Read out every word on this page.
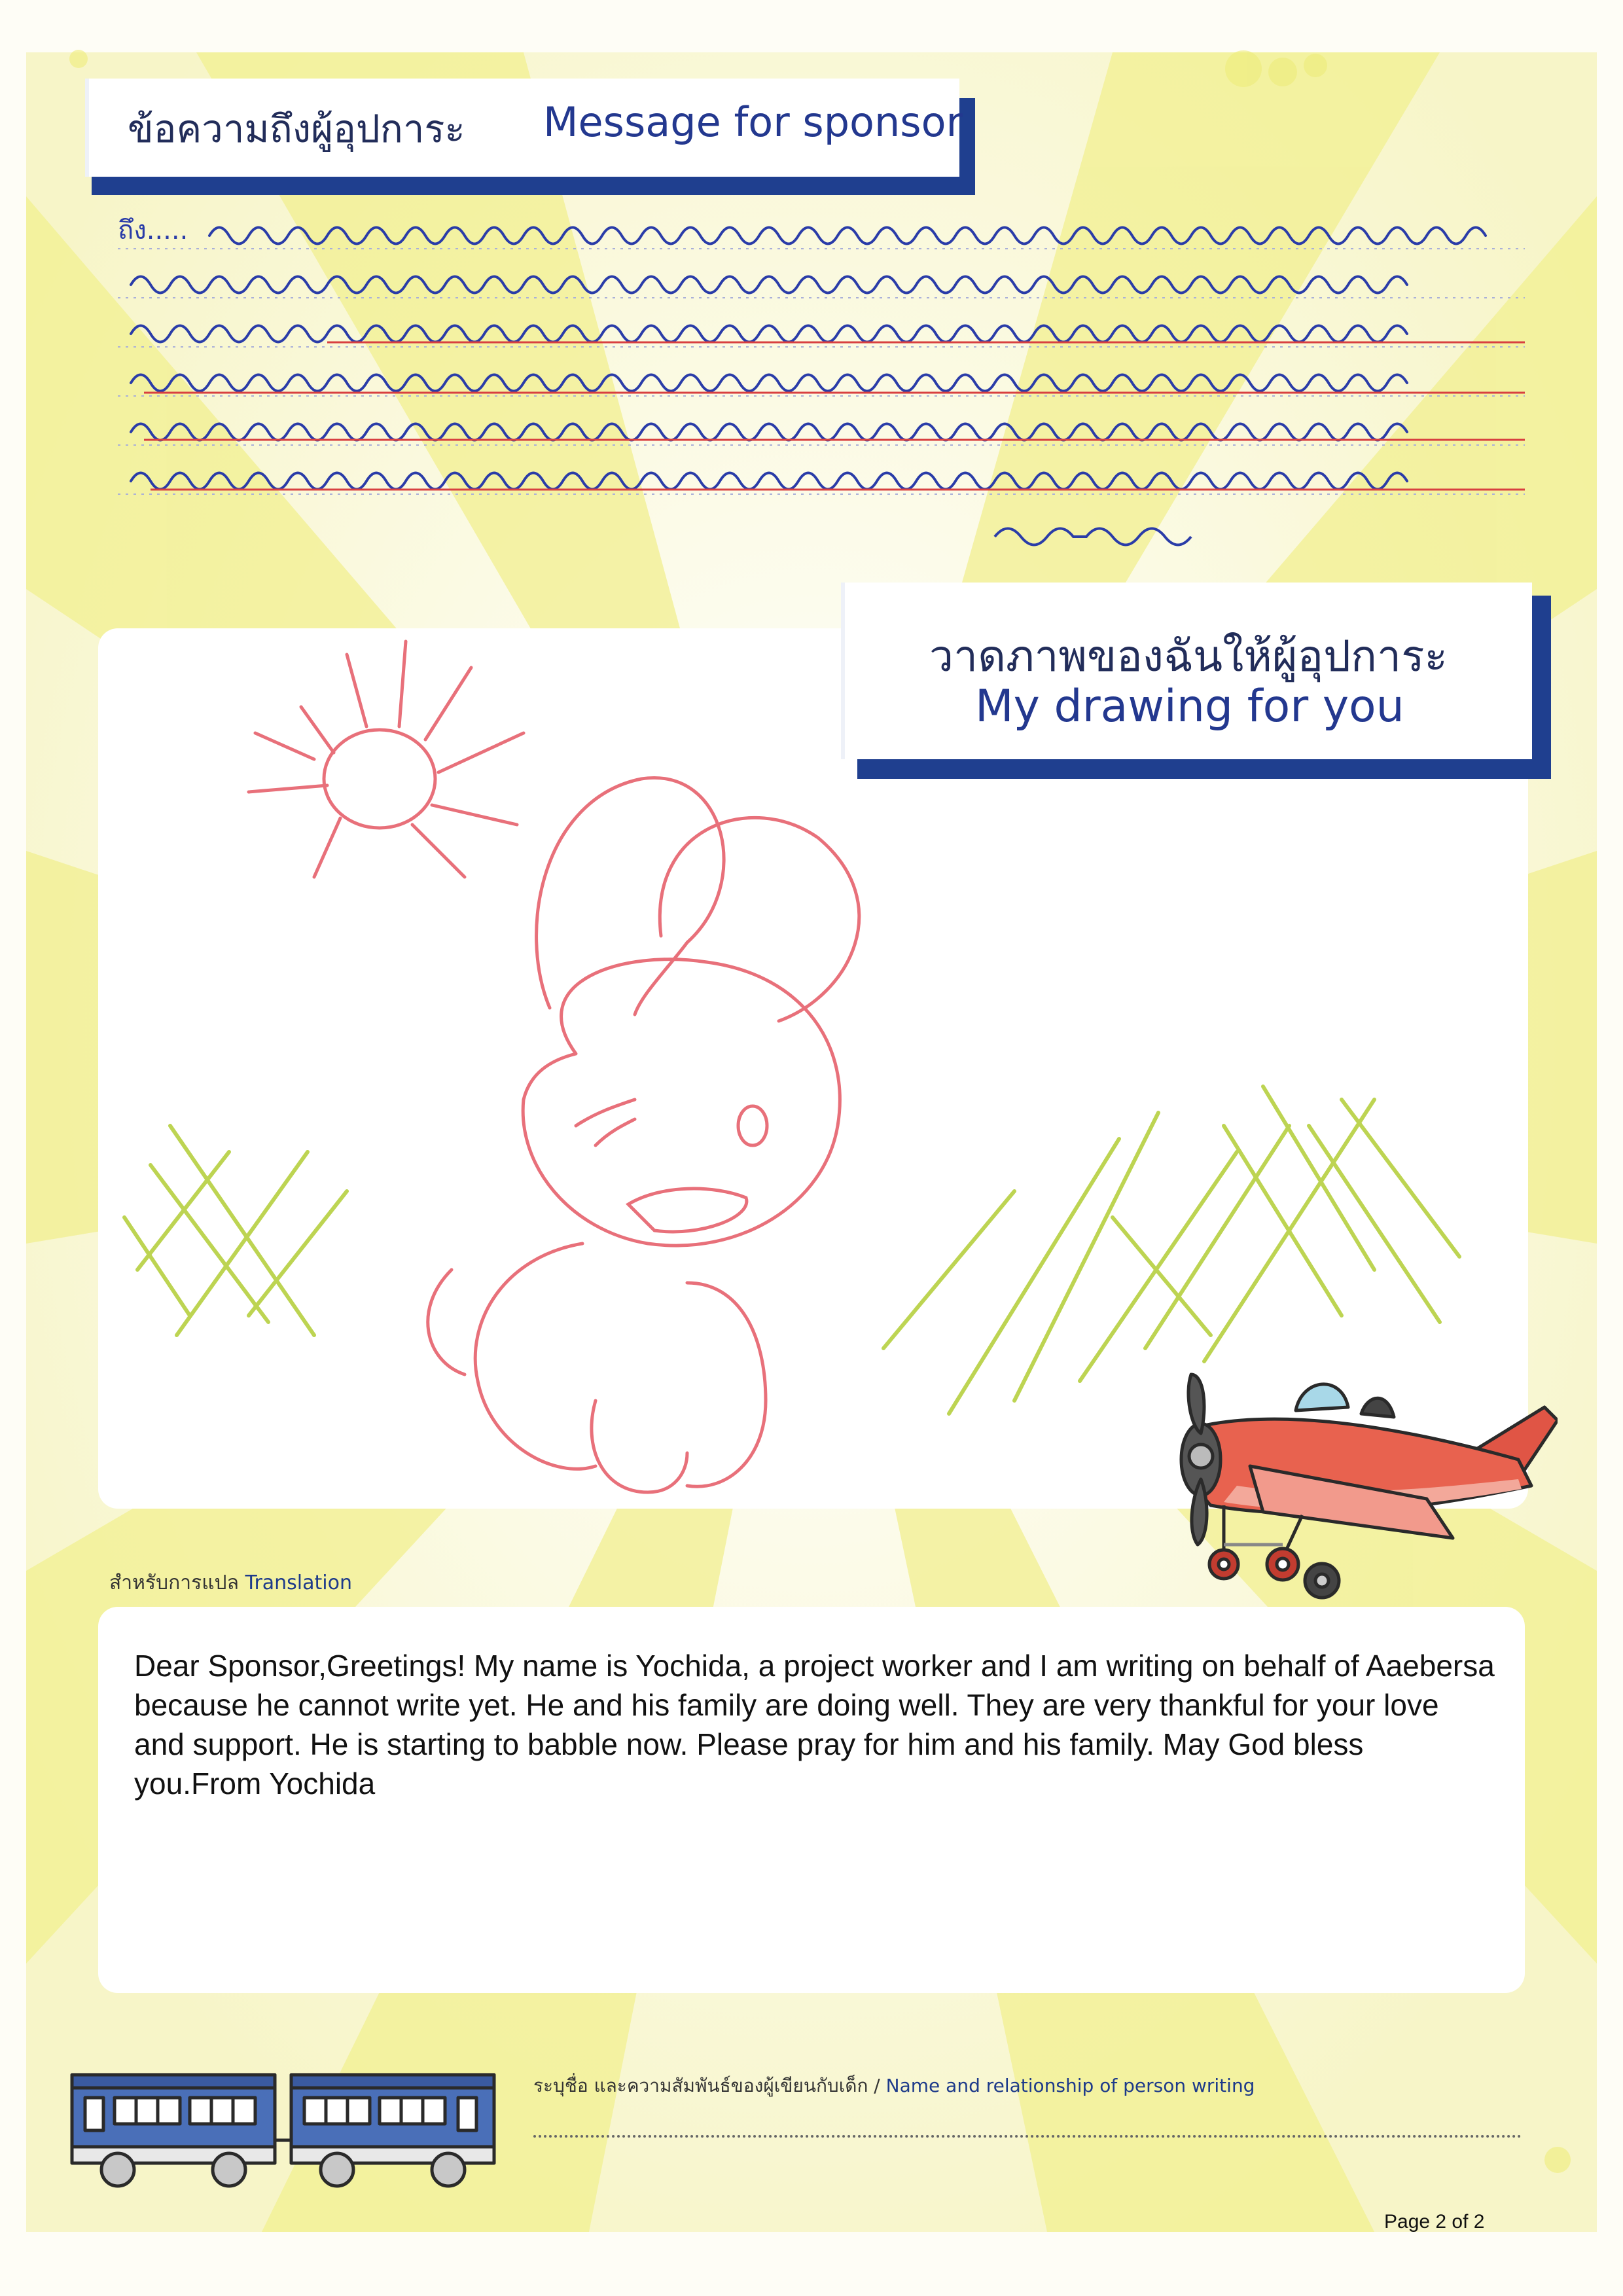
ข้อความถึงผู้อุปการะ Message for sponsor
ถึง.....
วาดภาพของฉันให้ผู้อุปการะ
My drawing for you
สำหรับการแปล Translation
Dear Sponsor,Greetings! My name is Yochida, a project worker and I am writing on behalf of Aaebersa because he cannot write yet. He and his family are doing well. They are very thankful for your love and support. He is starting to babble now. Please pray for him and his family. May God bless you.From Yochida
ระบุชื่อ และความสัมพันธ์ของผู้เขียนกับเด็ก / Name and relationship of person writing
Page 2 of 2
